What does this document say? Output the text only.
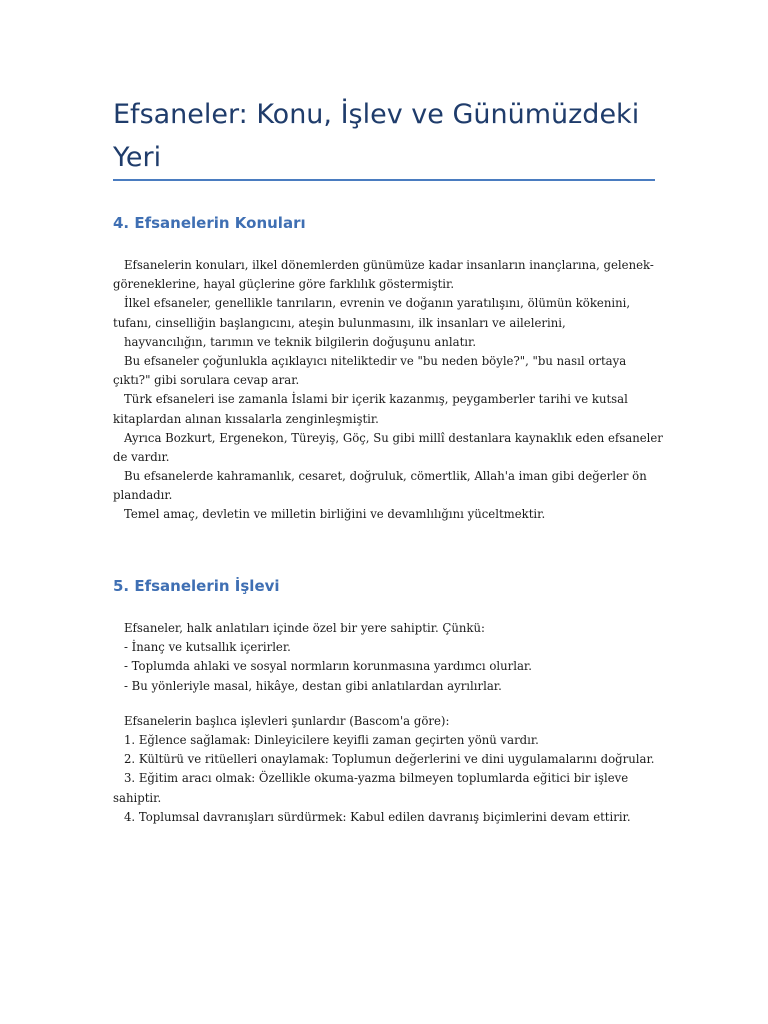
Efsaneler: Konu, İşlev ve Günümüzdeki
Yeri
4. Efsanelerin Konuları
Efsanelerin konuları, ilkel dönemlerden günümüze kadar insanların inançlarına, gelenek-
göreneklerine, hayal güçlerine göre farklılık göstermiştir.
İlkel efsaneler, genellikle tanrıların, evrenin ve doğanın yaratılışını, ölümün kökenini,
tufanı, cinselliğin başlangıcını, ateşin bulunmasını, ilk insanları ve ailelerini,
hayvancılığın, tarımın ve teknik bilgilerin doğuşunu anlatır.
Bu efsaneler çoğunlukla açıklayıcı niteliktedir ve "bu neden böyle?", "bu nasıl ortaya
çıktı?" gibi sorulara cevap arar.
Türk efsaneleri ise zamanla İslami bir içerik kazanmış, peygamberler tarihi ve kutsal
kitaplardan alınan kıssalarla zenginleşmiştir.
Ayrıca Bozkurt, Ergenekon, Türeyiş, Göç, Su gibi millî destanlara kaynaklık eden efsaneler
de vardır.
Bu efsanelerde kahramanlık, cesaret, doğruluk, cömertlik, Allah'a iman gibi değerler ön
plandadır.
Temel amaç, devletin ve milletin birliğini ve devamlılığını yüceltmektir.
5. Efsanelerin İşlevi
Efsaneler, halk anlatıları içinde özel bir yere sahiptir. Çünkü:
- İnanç ve kutsallık içerirler.
- Toplumda ahlaki ve sosyal normların korunmasına yardımcı olurlar.
- Bu yönleriyle masal, hikâye, destan gibi anlatılardan ayrılırlar.
Efsanelerin başlıca işlevleri şunlardır (Bascom'a göre):
1. Eğlence sağlamak: Dinleyicilere keyifli zaman geçirten yönü vardır.
2. Kültürü ve ritüelleri onaylamak: Toplumun değerlerini ve dini uygulamalarını doğrular.
3. Eğitim aracı olmak: Özellikle okuma-yazma bilmeyen toplumlarda eğitici bir işleve
sahiptir.
4. Toplumsal davranışları sürdürmek: Kabul edilen davranış biçimlerini devam ettirir.
